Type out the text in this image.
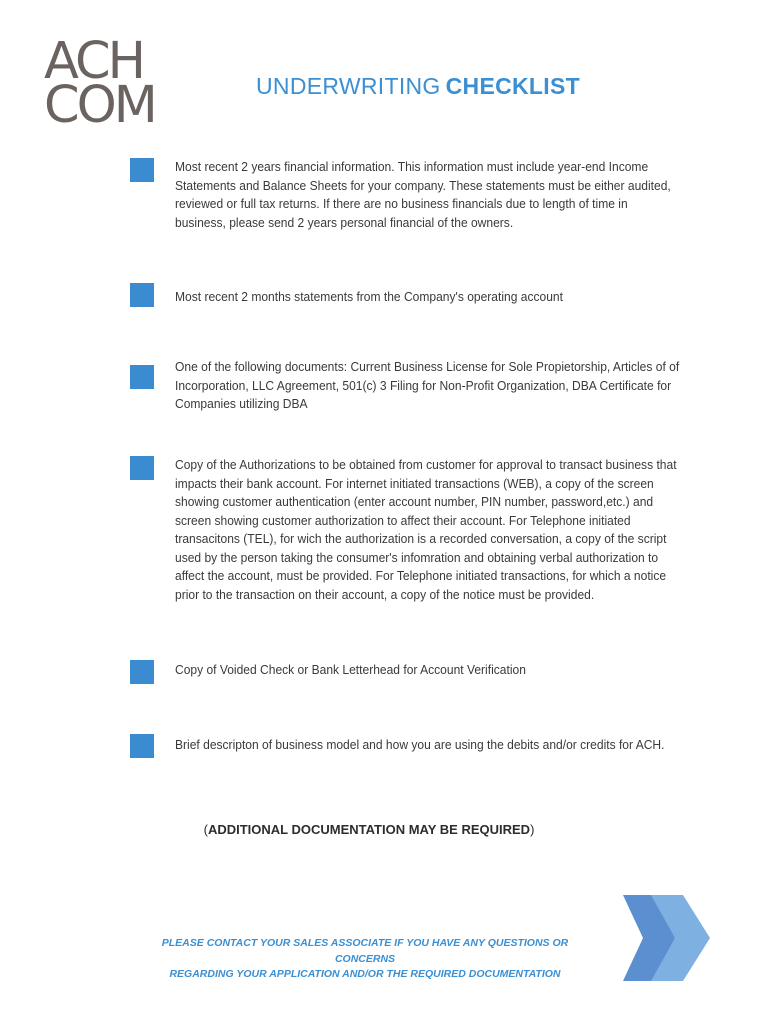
ACH
COM	UNDERWRITING CHECKLIST
Most recent 2 years financial information. This information must include year-end Income Statements and Balance Sheets for your company. These statements must be either audited, reviewed or full tax returns. If there are no business financials due to length of time in business, please send 2 years personal financial of the owners.
Most recent 2 months statements from the Company's operating account
One of the following documents: Current Business License for Sole Propietorship, Articles of of Incorporation, LLC Agreement, 501(c) 3 Filing for Non-Profit Organization, DBA Certificate for Companies utilizing DBA
Copy of the Authorizations to be obtained from customer for approval to transact business that impacts their bank account. For internet initiated transactions (WEB), a copy of the screen showing customer authentication (enter account number, PIN number, password,etc.) and screen showing customer authorization to affect their account. For Telephone initiated transacitons (TEL), for wich the authorization is a recorded conversation, a copy of the script used by the person taking the consumer's infomration and obtaining verbal authorization to affect the account, must be provided. For Telephone initiated transactions, for which a notice prior to the transaction on their account, a copy of the notice must be provided.
Copy of Voided Check or Bank Letterhead for Account Verification
Brief descripton of business model and how you are using the debits and/or credits for ACH.
(ADDITIONAL DOCUMENTATION MAY BE REQUIRED)
PLEASE CONTACT YOUR SALES ASSOCIATE IF YOU HAVE ANY QUESTIONS OR CONCERNS
REGARDING YOUR APPLICATION AND/OR THE REQUIRED DOCUMENTATION
